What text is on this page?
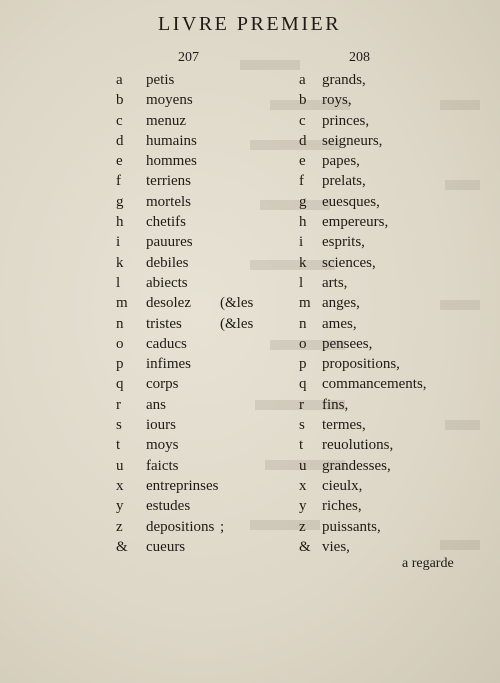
LIVRE PREMIER
207	208
a petis
b moyens
c menuz
d humains
e hommes
f terriens
g mortels
h chetifs
i pauures
k debiles
l abiects
m desolez (&les
n tristes	(&les
o caducs
p infimes
q corps
r ans
s iours
t moys
u faicts
x entreprinses
y estudes
z depositions ;
& cueurs
a grands,
b roys,
c princes,
d seigneurs,
e papes,
f prelats,
g euesques,
h empereurs,
i esprits,
k sciences,
l arts,
m anges,
n ames,
o pensees,
p propositions,
q commancements,
r fins,
s termes,
t reuolutions,
u grandesses,
x cieulx,
y riches,
z puissants,
& vies,
a regarde
